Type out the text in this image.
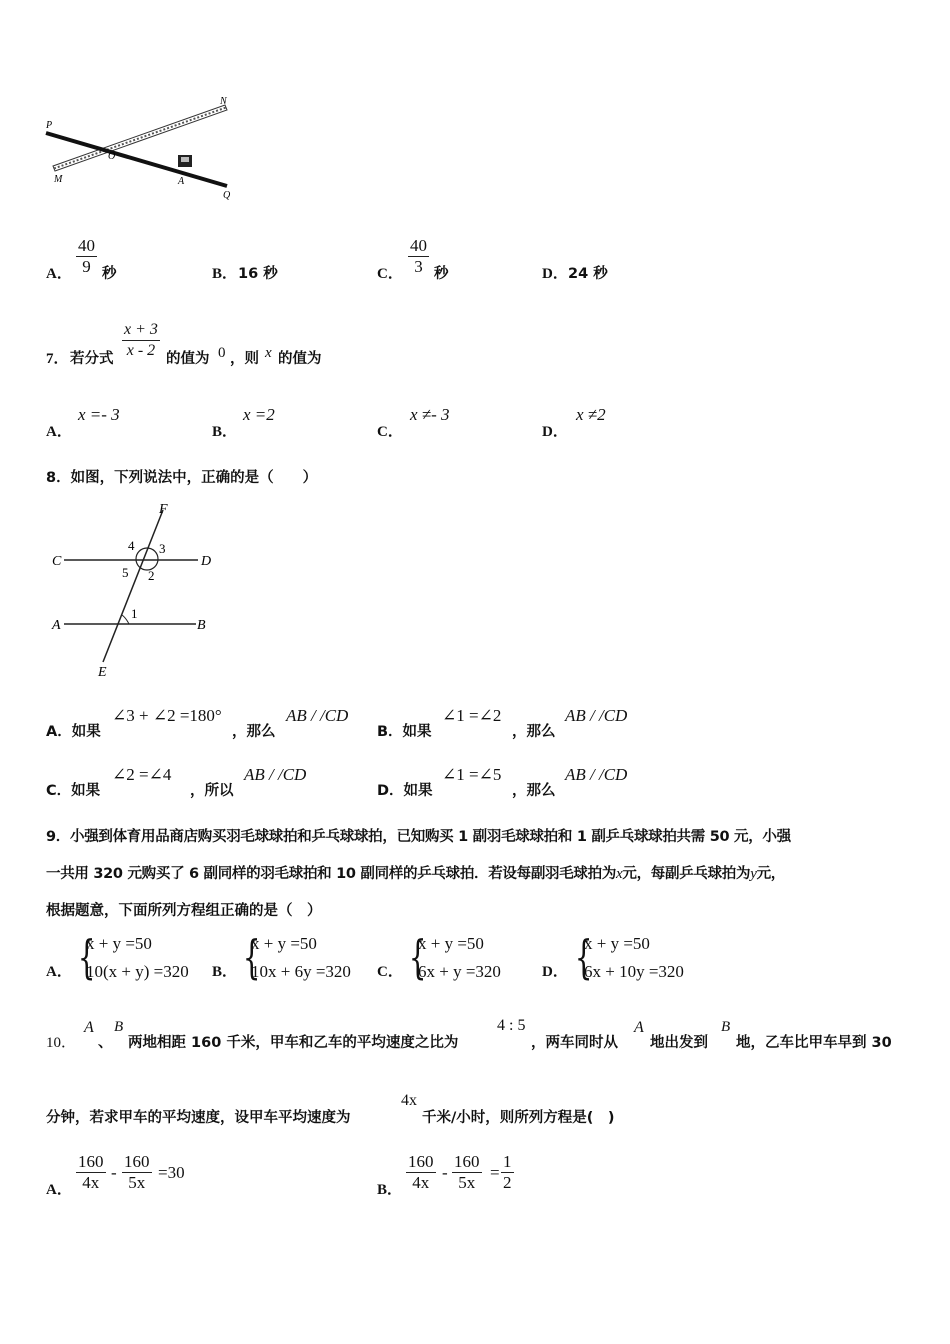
P
N
O
M	A
Q
A．
40
9 秒	B． 16 秒	C．
40
3 秒	D． 24 秒
7． 若分式
x + 3
x - 2 的值为 0 ，则 x 的值为
A．
x =- 3
B．
x =2
C．
x ≠- 3
D．
x ≠2
8．如图，下列说法中，正确的是（　　）
F
C	D
A	B
E
4 3
5 2
1
A．如果
∠3 + ∠2 =180°
，那么
AB / /CD
B．如果
∠1 =∠2
，那么
AB / /CD
C．如果
∠2 =∠4
，所以
AB / /CD
D．如果
∠1 =∠5
，那么
AB / /CD
9．小强到体育用品商店购买羽毛球球拍和乒乓球球拍，已知购买 1 副羽毛球球拍和 1 副乒乓球球拍共需 50 元，小强
一共用 320 元购买了 6 副同样的羽毛球拍和 10 副同样的乒乓球拍．若设每副羽毛球拍为x元，每副乒乓球拍为y元，
根据题意，下面所列方程组正确的是（　）
A． {
x + y =50
10(x + y) =320 B． {
x + y =50
10x + 6y =320 C． {
x + y =50
6x + y =320	D． {
x + y =50
6x + 10y =320
10．
A
、
B
两地相距 160 千米，甲车和乙车的平均速度之比为
4 : 5
，两车同时从
A
地出发到
B
地，乙车比甲车早到 30
分钟，若求甲车的平均速度，设甲车平均速度为
4x
千米/小时，则所列方程是(　)
A．
160
4x
-
160
5x
=30
B．
160
4x
-
160
5x
=
1
2
